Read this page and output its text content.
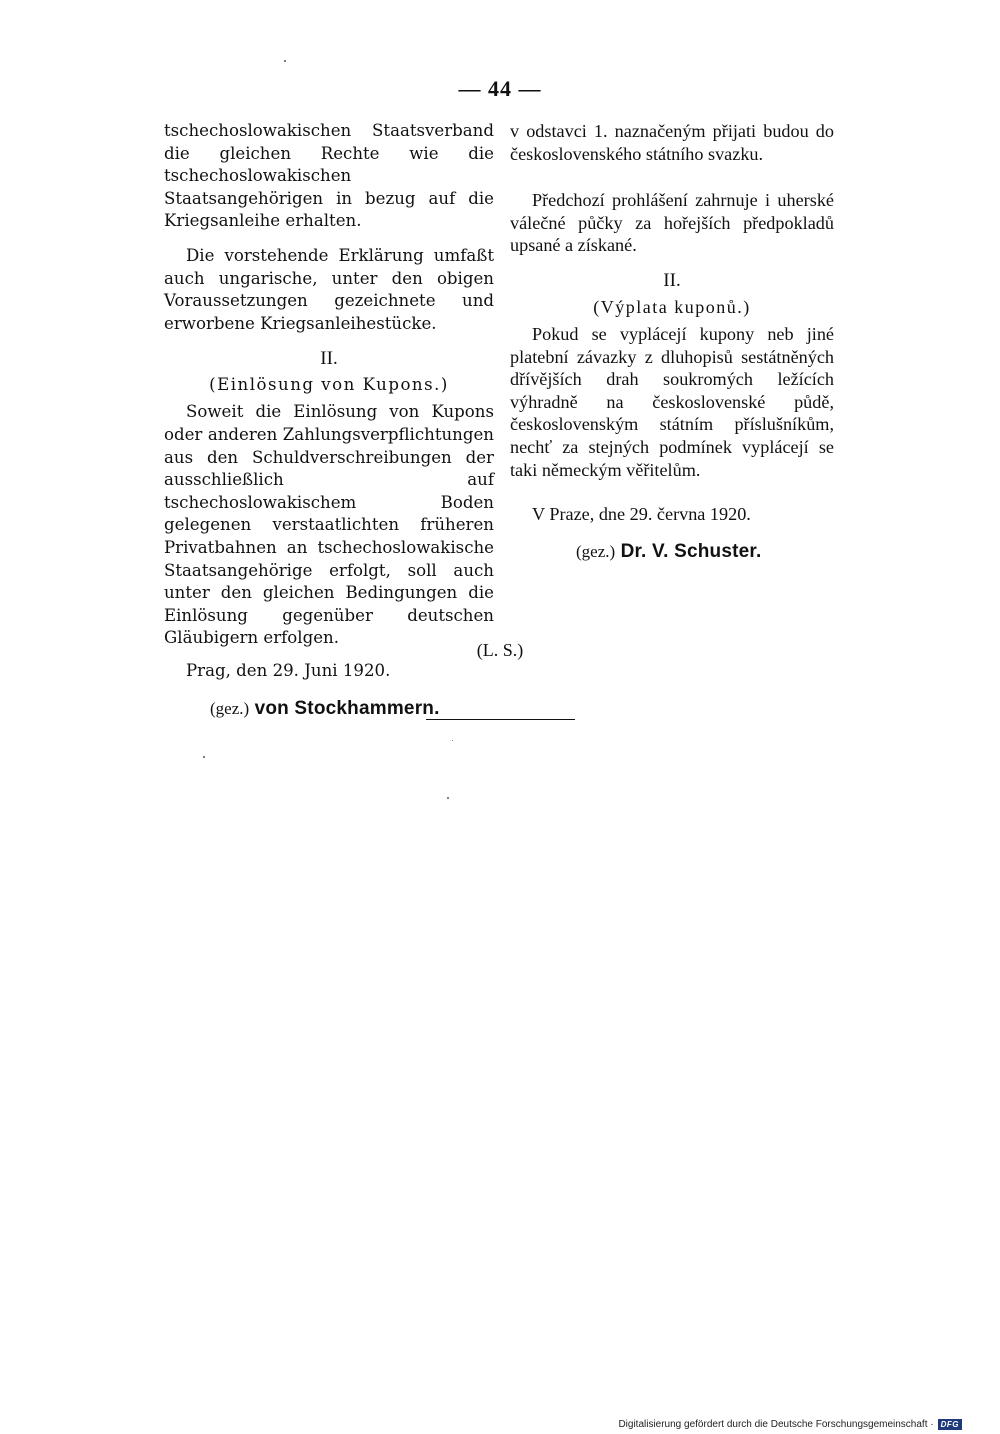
— 44 —

tschechoslowakischen Staatsverband die gleichen Rechte wie die tschechoslowakischen Staatsangehörigen in bezug auf die Kriegsanleihe erhalten.

Die vorstehende Erklärung umfaßt auch ungarische, unter den obigen Voraussetzungen gezeichnete und erworbene Kriegsanleihestücke.

II.

(Einlösung von Kupons.)

Soweit die Einlösung von Kupons oder anderen Zahlungsverpflichtungen aus den Schuldverschreibungen der ausschließlich auf tschechoslowakischem Boden gelegenen verstaatlichten früheren Privatbahnen an tschechoslowakische Staatsangehörige erfolgt, soll auch unter den gleichen Bedingungen die Einlösung gegenüber deutschen Gläubigern erfolgen.

Prag, den 29. Juni 1920.

(gez.) von Stockhammern.

v odstavci 1. naznačeným přijati budou do československého státního svazku.

Předchozí prohlášení zahrnuje i uherské válečné půčky za hořejších předpokladů upsané a získané.

II.

(Výplata kuponů.)

Pokud se vyplácejí kupony neb jiné platební závazky z dluhopisů sestátněných dřívějších drah soukromých ležících výhradně na československé půdě, československým státním příslušníkům, nechť za stejných podmínek vyplácejí se taki německým věřitelům.

V Praze, dne 29. června 1920.

(gez.) Dr. V. Schuster.

(L. S.)
Digitalisierung gefördert durch die Deutsche Forschungsgemeinschaft · DFG
